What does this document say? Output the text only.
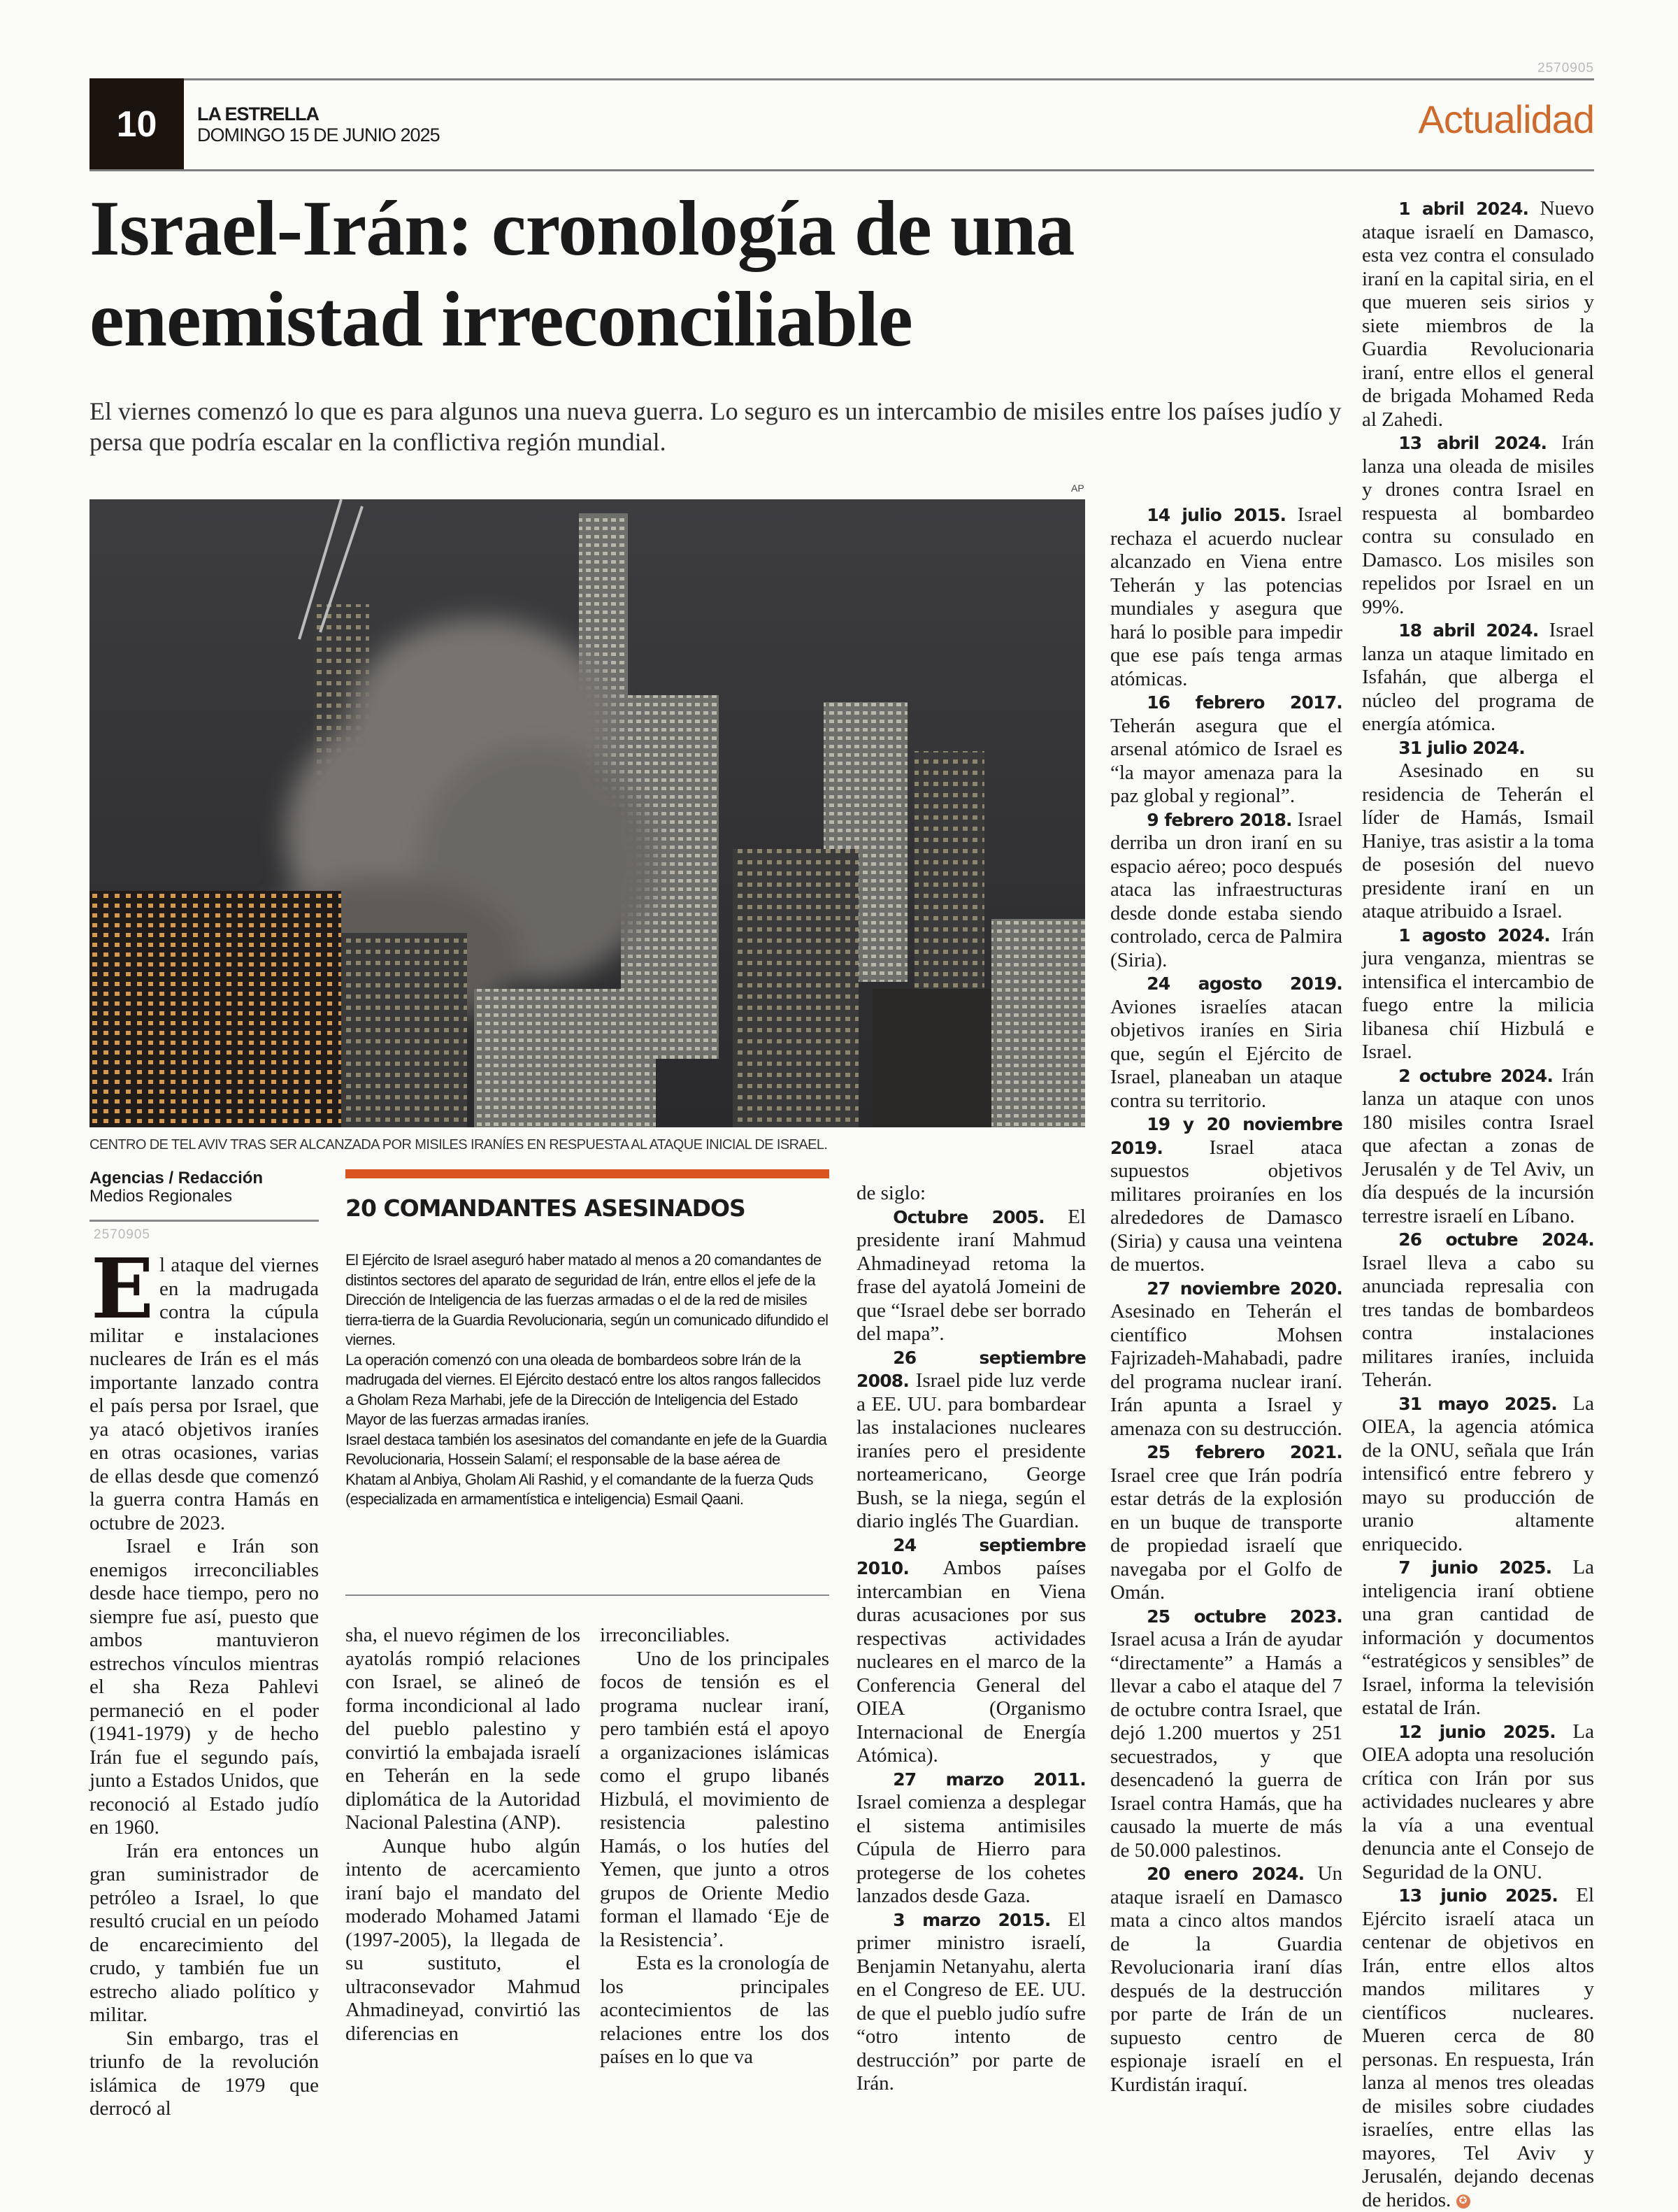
2570905
10	LA ESTRELLA
DOMINGO 15 DE JUNIO 2025	Actualidad
Israel-Irán: cronología de una enemistad irreconciliable

El viernes comenzó lo que es para algunos una nueva guerra. Lo seguro es un intercambio de misiles entre los países judío y persa que podría escalar en la conflictiva región mundial.

AP
CENTRO DE TEL AVIV TRAS SER ALCANZADA POR MISILES IRANÍES EN RESPUESTA AL ATAQUE INICIAL DE ISRAEL.
Agencias / Redacción
Medios Regionales
2570905

El ataque del viernes en la madrugada contra la cúpula militar e instalaciones nucleares de Irán es el más importante lanzado contra el país persa por Israel, que ya atacó objetivos iraníes en otras ocasiones, varias de ellas desde que comenzó la guerra contra Hamás en octubre de 2023.

Israel e Irán son enemigos irreconciliables desde hace tiempo, pero no siempre fue así, puesto que ambos mantuvieron estrechos vínculos mientras el sha Reza Pahlevi permaneció en el poder (1941-1979) y de hecho Irán fue el segundo país, junto a Estados Unidos, que reconoció al Estado judío en 1960.

Irán era entonces un gran suministrador de petróleo a Israel, lo que resultó crucial en un peíodo de encarecimiento del crudo, y también fue un estrecho aliado político y militar.

Sin embargo, tras el triunfo de la revolución islámica de 1979 que derrocó al

20 COMANDANTES ASESINADOS

El Ejército de Israel aseguró haber matado al menos a 20 comandantes de distintos sectores del aparato de seguridad de Irán, entre ellos el jefe de la Dirección de Inteligencia de las fuerzas armadas o el de la red de misiles tierra-tierra de la Guardia Revolucionaria, según un comunicado difundido el viernes.

La operación comenzó con una oleada de bombardeos sobre Irán de la madrugada del viernes. El Ejército destacó entre los altos rangos fallecidos a Gholam Reza Marhabi, jefe de la Dirección de Inteligencia del Estado Mayor de las fuerzas armadas iraníes.

Israel destaca también los asesinatos del comandante en jefe de la Guardia Revolucionaria, Hossein Salamí; el responsable de la base aérea de Khatam al Anbiya, Gholam Ali Rashid, y el comandante de la fuerza Quds (especializada en armamentística e inteligencia) Esmail Qaani.

sha, el nuevo régimen de los ayatolás rompió relaciones con Israel, se alineó de forma incondicional al lado del pueblo palestino y convirtió la embajada israelí en Teherán en la sede diplomática de la Autoridad Nacional Palestina (ANP).

Aunque hubo algún intento de acercamiento iraní bajo el mandato del moderado Mohamed Jatami (1997-2005), la llegada de su sustituto, el ultraconsevador Mahmud Ahmadineyad, convirtió las diferencias en

irreconciliables.

Uno de los principales focos de tensión es el programa nuclear iraní, pero también está el apoyo a organizaciones islámicas como el grupo libanés Hizbulá, el movimiento de resistencia palestino Hamás, o los hutíes del Yemen, que junto a otros grupos de Oriente Medio forman el llamado ‘Eje de la Resistencia’.

Esta es la cronología de los principales acontecimientos de las relaciones entre los dos países en lo que va

de siglo:

Octubre 2005. El presidente iraní Mahmud Ahmadineyad retoma la frase del ayatolá Jomeini de que “Israel debe ser borrado del mapa”.

26 septiembre 2008. Israel pide luz verde a EE. UU. para bombardear las instalaciones nucleares iraníes pero el presidente norteamericano, George Bush, se la niega, según el diario inglés The Guardian.

24 septiembre 2010. Ambos países intercambian en Viena duras acusaciones por sus respectivas actividades nucleares en el marco de la Conferencia General del OIEA (Organismo Internacional de Energía Atómica).

27 marzo 2011. Israel comienza a desplegar el sistema antimisiles Cúpula de Hierro para protegerse de los cohetes lanzados desde Gaza.

3 marzo 2015. El primer ministro israelí, Benjamin Netanyahu, alerta en el Congreso de EE. UU. de que el pueblo judío sufre “otro intento de destrucción” por parte de Irán.

14 julio 2015. Israel rechaza el acuerdo nuclear alcanzado en Viena entre Teherán y las potencias mundiales y asegura que hará lo posible para impedir que ese país tenga armas atómicas.

16 febrero 2017. Teherán asegura que el arsenal atómico de Israel es “la mayor amenaza para la paz global y regional”.

9 febrero 2018. Israel derriba un dron iraní en su espacio aéreo; poco después ataca las infraestructuras desde donde estaba siendo controlado, cerca de Palmira (Siria).

24 agosto 2019. Aviones israelíes atacan objetivos iraníes en Siria que, según el Ejército de Israel, planeaban un ataque contra su territorio.

19 y 20 noviembre 2019. Israel ataca supuestos objetivos militares proiraníes en los alrededores de Damasco (Siria) y causa una veintena de muertos.

27 noviembre 2020. Asesinado en Teherán el científico Mohsen Fajrizadeh-Mahabadi, padre del programa nuclear iraní. Irán apunta a Israel y amenaza con su destrucción.

25 febrero 2021. Israel cree que Irán podría estar detrás de la explosión en un buque de transporte de propiedad israelí que navegaba por el Golfo de Omán.

25 octubre 2023. Israel acusa a Irán de ayudar “directamente” a Hamás a llevar a cabo el ataque del 7 de octubre contra Israel, que dejó 1.200 muertos y 251 secuestrados, y que desencadenó la guerra de Israel contra Hamás, que ha causado la muerte de más de 50.000 palestinos.

20 enero 2024. Un ataque israelí en Damasco mata a cinco altos mandos de la Guardia Revolucionaria iraní días después de la destrucción por parte de Irán de un supuesto centro de espionaje israelí en el Kurdistán iraquí.

1 abril 2024. Nuevo ataque israelí en Damasco, esta vez contra el consulado iraní en la capital siria, en el que mueren seis sirios y siete miembros de la Guardia Revolucionaria iraní, entre ellos el general de brigada Mohamed Reda al Zahedi.

13 abril 2024. Irán lanza una oleada de misiles y drones contra Israel en respuesta al bombardeo contra su consulado en Damasco. Los misiles son repelidos por Israel en un 99%.

18 abril 2024. Israel lanza un ataque limitado en Isfahán, que alberga el núcleo del programa de energía atómica.

31 julio 2024.

Asesinado en su residencia de Teherán el líder de Hamás, Ismail Haniye, tras asistir a la toma de posesión del nuevo presidente iraní en un ataque atribuido a Israel.

1 agosto 2024. Irán jura venganza, mientras se intensifica el intercambio de fuego entre la milicia libanesa chií Hizbulá e Israel.

2 octubre 2024. Irán lanza un ataque con unos 180 misiles contra Israel que afectan a zonas de Jerusalén y de Tel Aviv, un día después de la incursión terrestre israelí en Líbano.

26 octubre 2024. Israel lleva a cabo su anunciada represalia con tres tandas de bombardeos contra instalaciones militares iraníes, incluida Teherán.

31 mayo 2025. La OIEA, la agencia atómica de la ONU, señala que Irán intensificó entre febrero y mayo su producción de uranio altamente enriquecido.

7 junio 2025. La inteligencia iraní obtiene una gran cantidad de información y documentos “estratégicos y sensibles” de Israel, informa la televisión estatal de Irán.

12 junio 2025. La OIEA adopta una resolución crítica con Irán por sus actividades nucleares y abre la vía a una eventual denuncia ante el Consejo de Seguridad de la ONU.

13 junio 2025. El Ejército israelí ataca un centenar de objetivos en Irán, entre ellos altos mandos militares y científicos nucleares. Mueren cerca de 80 personas. En respuesta, Irán lanza al menos tres oleadas de misiles sobre ciudades israelíes, entre ellas las mayores, Tel Aviv y Jerusalén, dejando decenas de heridos. ✪
